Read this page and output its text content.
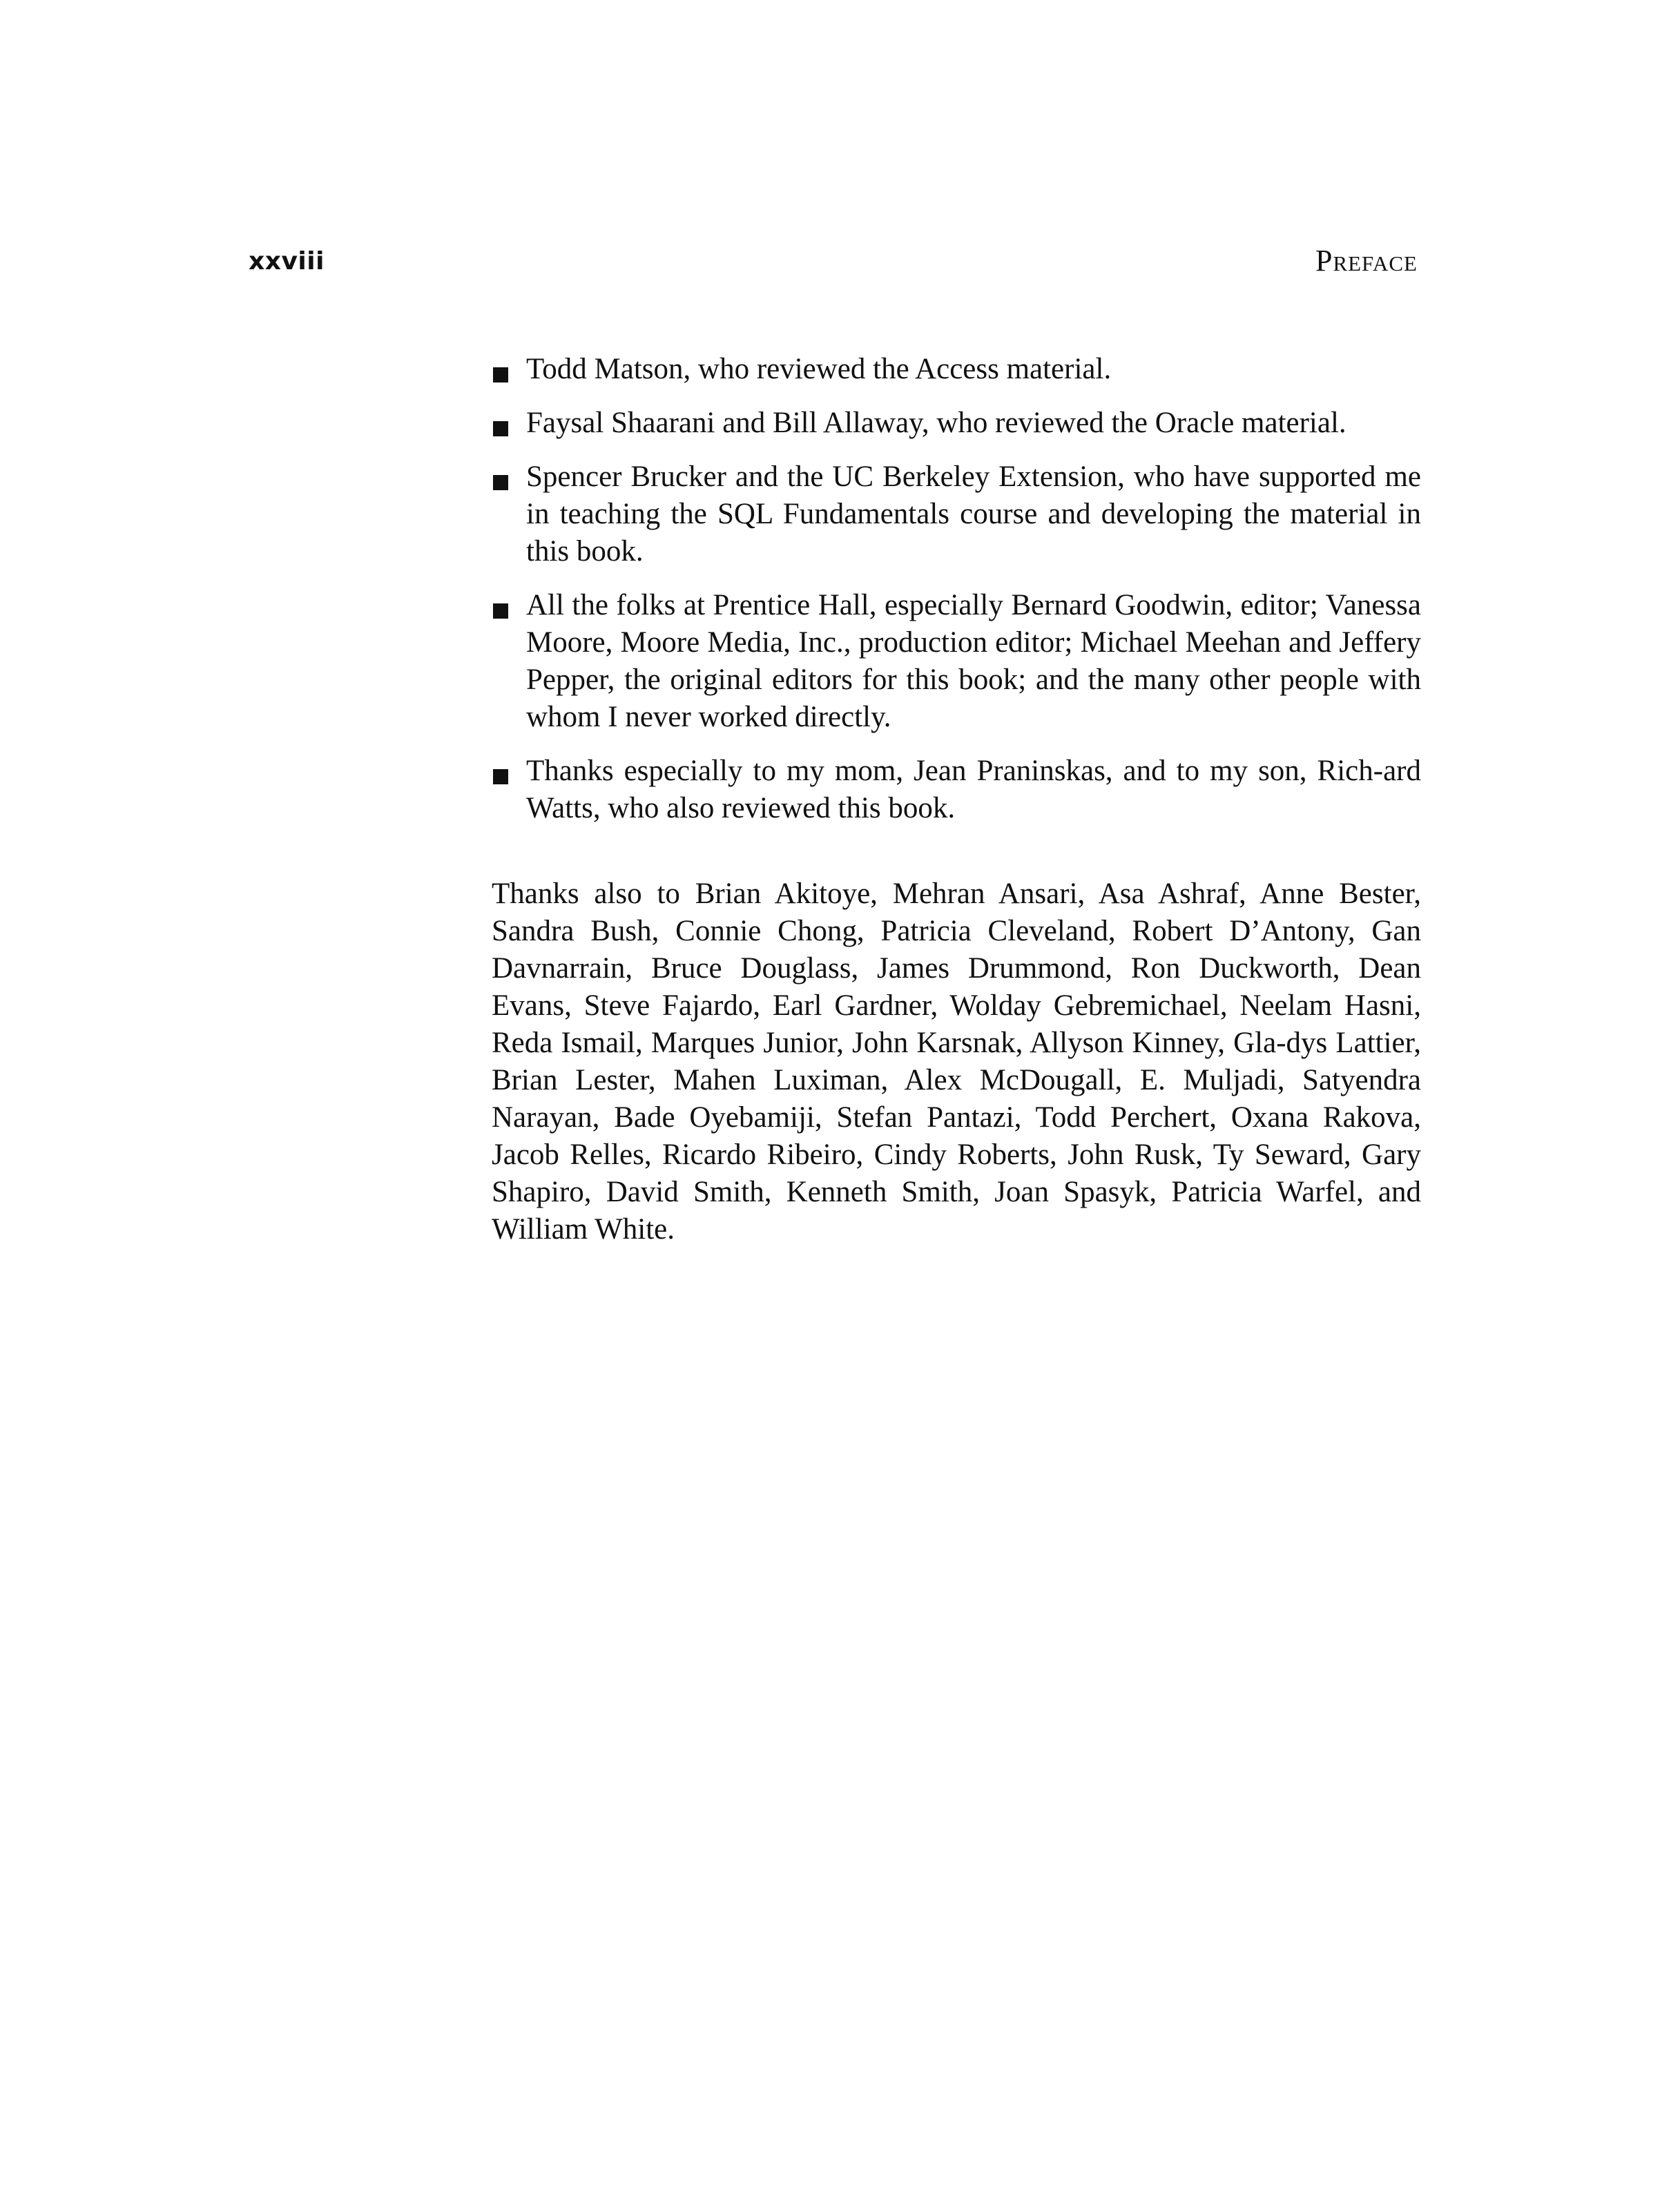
xxviii	Preface
Todd Matson, who reviewed the Access material.
Faysal Shaarani and Bill Allaway, who reviewed the Oracle material.
Spencer Brucker and the UC Berkeley Extension, who have supported me in teaching the SQL Fundamentals course and developing the material in this book.
All the folks at Prentice Hall, especially Bernard Goodwin, editor; Vanessa Moore, Moore Media, Inc., production editor; Michael Meehan and Jeffery Pepper, the original editors for this book; and the many other people with whom I never worked directly.
Thanks especially to my mom, Jean Praninskas, and to my son, Rich-ard Watts, who also reviewed this book.

Thanks also to Brian Akitoye, Mehran Ansari, Asa Ashraf, Anne Bester, Sandra Bush, Connie Chong, Patricia Cleveland, Robert D’Antony, Gan Davnarrain, Bruce Douglass, James Drummond, Ron Duckworth, Dean Evans, Steve Fajardo, Earl Gardner, Wolday Gebremichael, Neelam Hasni, Reda Ismail, Marques Junior, John Karsnak, Allyson Kinney, Gla-dys Lattier, Brian Lester, Mahen Luximan, Alex McDougall, E. Muljadi, Satyendra Narayan, Bade Oyebamiji, Stefan Pantazi, Todd Perchert, Oxana Rakova, Jacob Relles, Ricardo Ribeiro, Cindy Roberts, John Rusk, Ty Seward, Gary Shapiro, David Smith, Kenneth Smith, Joan Spasyk, Patricia Warfel, and William White.
